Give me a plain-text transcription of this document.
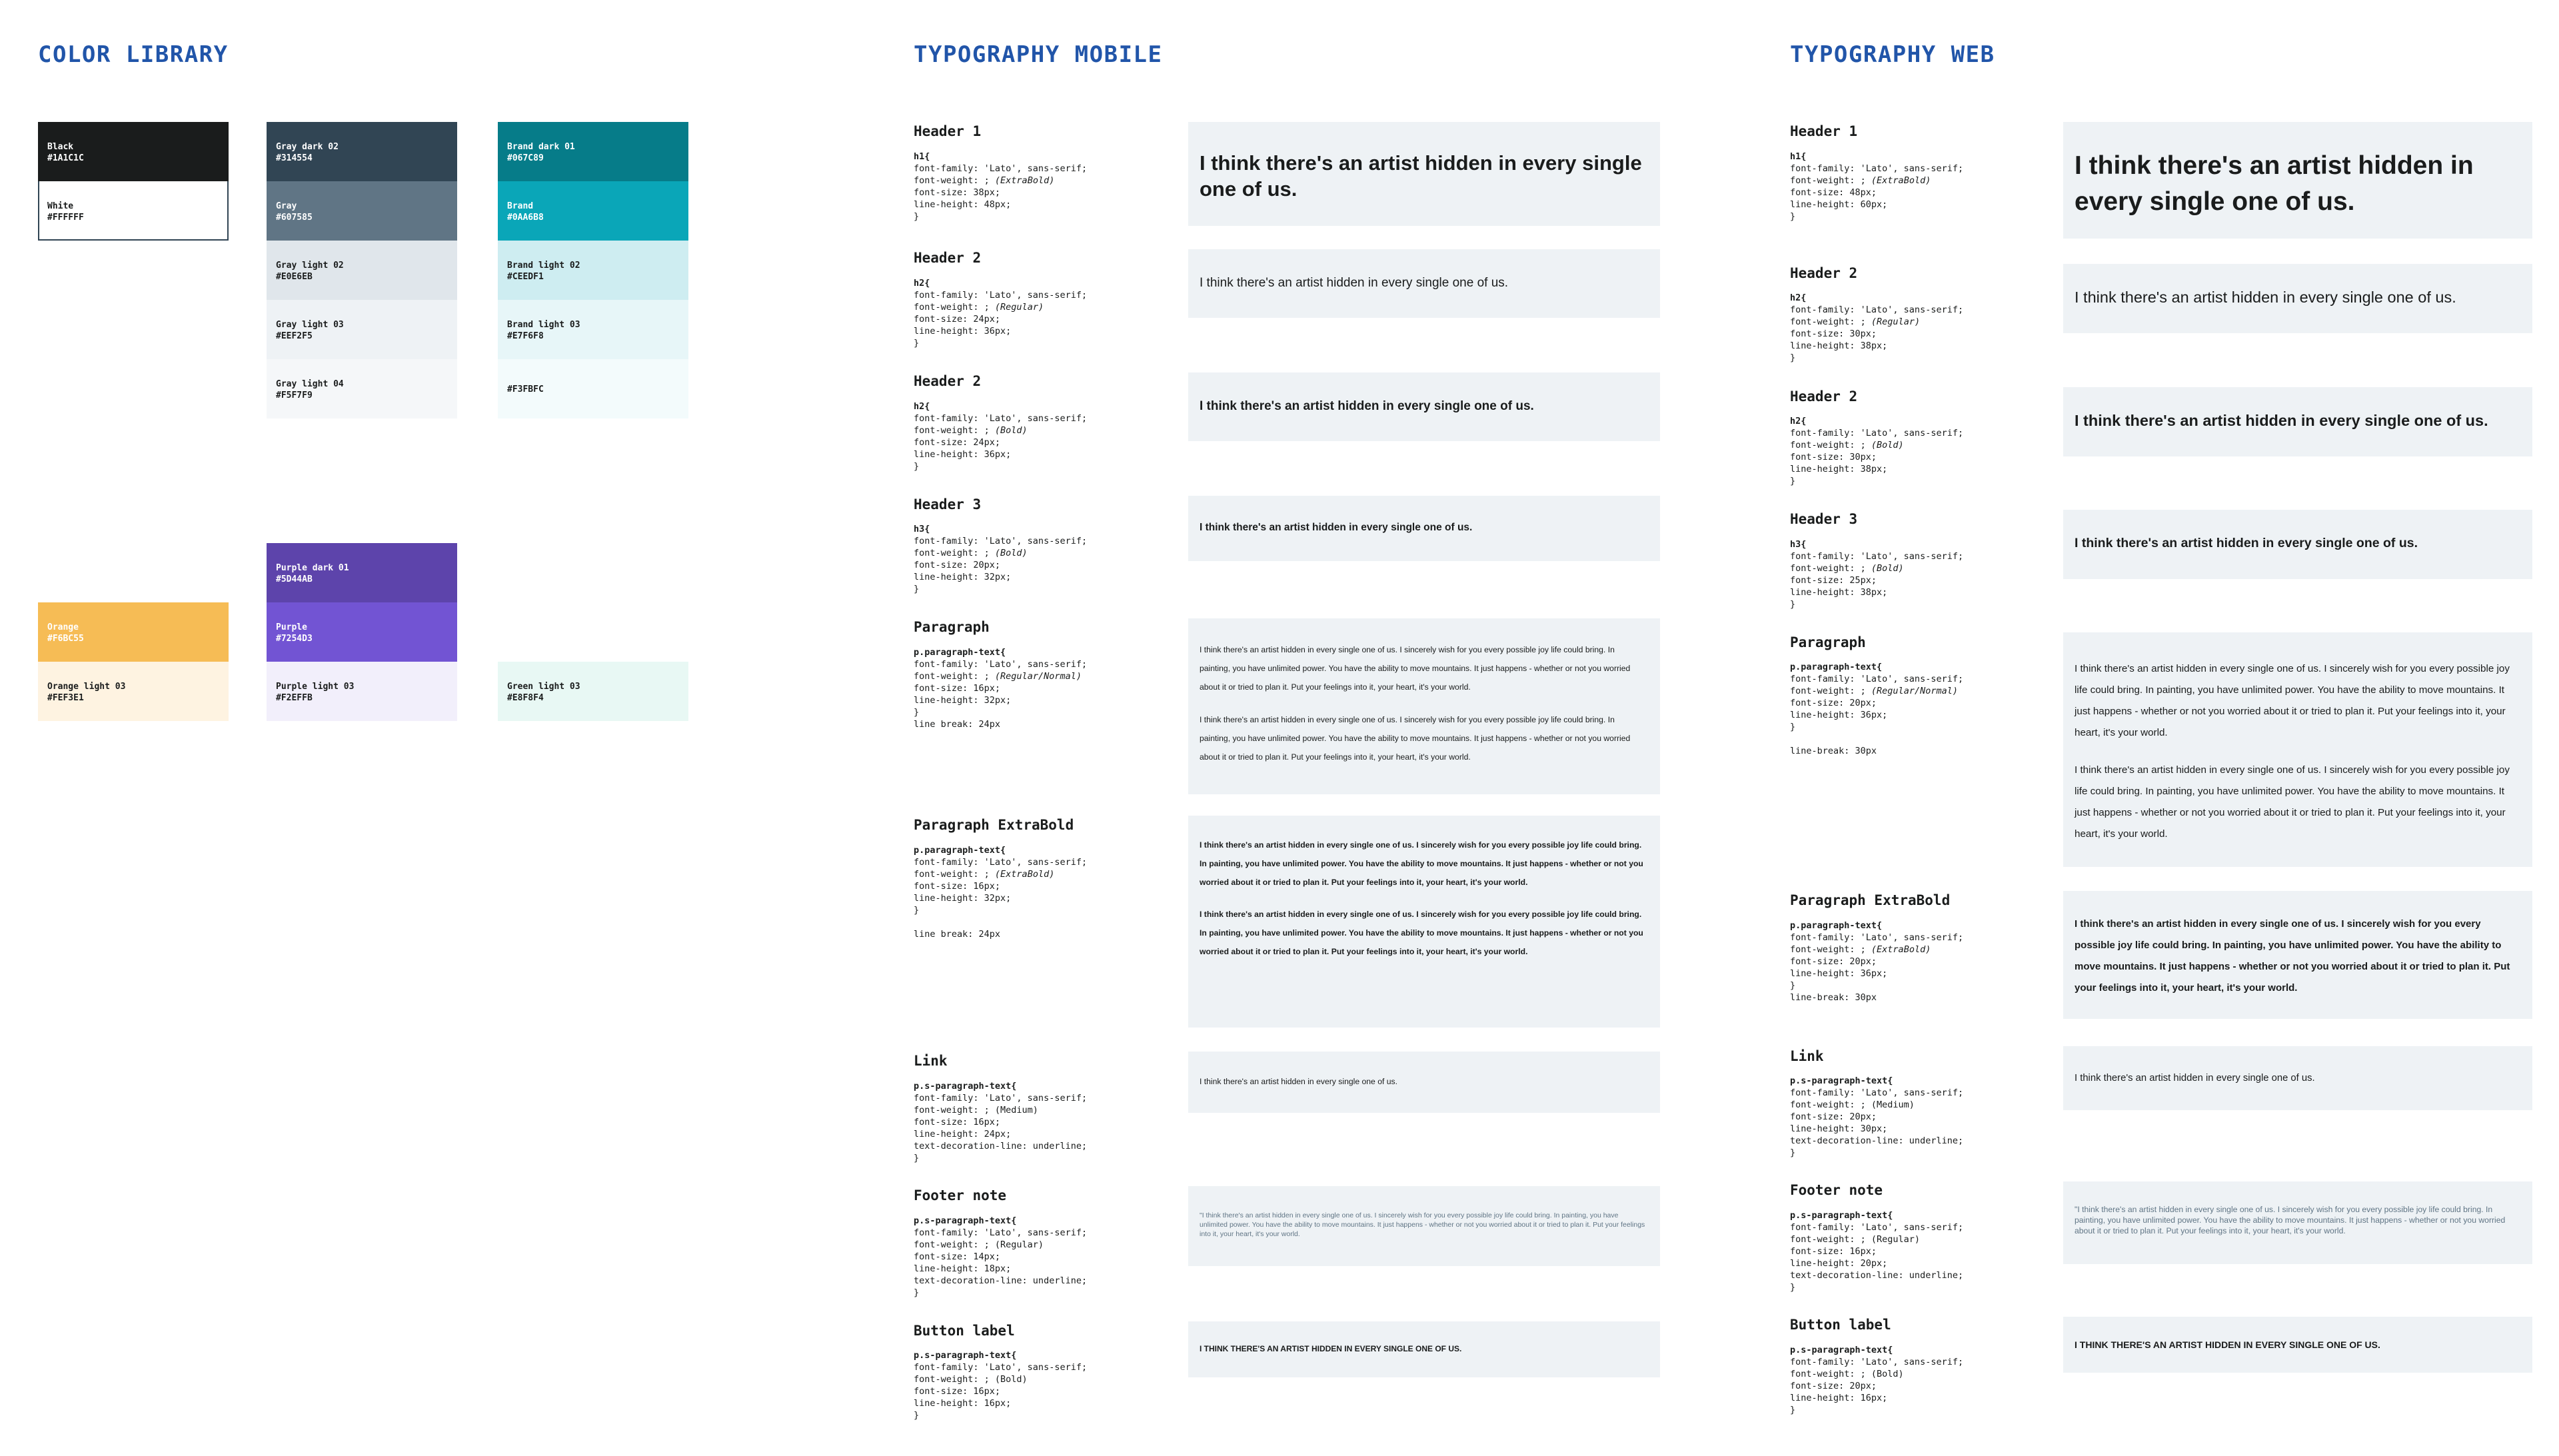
COLOR LIBRARY
Black
#1A1C1C
White
#FFFFFF
Orange
#F6BC55
Orange light 03
#FEF3E1
Gray dark 02
#314554
Gray
#607585
Gray light 02
#E0E6EB
Gray light 03
#EEF2F5
Gray light 04
#F5F7F9
Purple dark 01
#5D44AB
Purple
#7254D3
Purple light 03
#F2EFFB
Brand dark 01
#067C89
Brand
#0AA6B8
Brand light 02
#CEEDF1
Brand light 03
#E7F6F8
#F3FBFC
Green light 03
#E8F8F4
TYPOGRAPHY MOBILE
Header 1
h1{
font-family: 'Lato', sans-serif;
font-weight: ; (ExtraBold)
font-size: 38px;
line-height: 48px;
}
I think there's an artist hidden in every single one of us.
Header 2
h2{
font-family: 'Lato', sans-serif;
font-weight: ; (Regular)
font-size: 24px;
line-height: 36px;
}
I think there's an artist hidden in every single one of us.
Header 2
h2{
font-family: 'Lato', sans-serif;
font-weight: ; (Bold)
font-size: 24px;
line-height: 36px;
}
I think there's an artist hidden in every single one of us.
Header 3
h3{
font-family: 'Lato', sans-serif;
font-weight: ; (Bold)
font-size: 20px;
line-height: 32px;
}
I think there's an artist hidden in every single one of us.
Paragraph
p.paragraph-text{
font-family: 'Lato', sans-serif;
font-weight: ; (Regular/Normal)
font-size: 16px;
line-height: 32px;
}
line break: 24px
I think there's an artist hidden in every single one of us. I sincerely wish for you every possible joy life could bring. In painting, you have unlimited power. You have the ability to move mountains. It just happens - whether or not you worried about it or tried to plan it. Put your feelings into it, your heart, it's your world.
I think there's an artist hidden in every single one of us. I sincerely wish for you every possible joy life could bring. In painting, you have unlimited power. You have the ability to move mountains. It just happens - whether or not you worried about it or tried to plan it. Put your feelings into it, your heart, it's your world.
Paragraph ExtraBold
p.paragraph-text{
font-family: 'Lato', sans-serif;
font-weight: ; (ExtraBold)
font-size: 16px;
line-height: 32px;
}
line break: 24px
I think there's an artist hidden in every single one of us. I sincerely wish for you every possible joy life could bring. In painting, you have unlimited power. You have the ability to move mountains. It just happens - whether or not you worried about it or tried to plan it. Put your feelings into it, your heart, it's your world.
I think there's an artist hidden in every single one of us. I sincerely wish for you every possible joy life could bring. In painting, you have unlimited power. You have the ability to move mountains. It just happens - whether or not you worried about it or tried to plan it. Put your feelings into it, your heart, it's your world.
Link
p.s-paragraph-text{
font-family: 'Lato', sans-serif;
font-weight: ; (Medium)
font-size: 16px;
line-height: 24px;
text-decoration-line: underline;
}
I think there's an artist hidden in every single one of us.
Footer note
p.s-paragraph-text{
font-family: 'Lato', sans-serif;
font-weight: ; (Regular)
font-size: 14px;
line-height: 18px;
text-decoration-line: underline;
}
"I think there's an artist hidden in every single one of us. I sincerely wish for you every possible joy life could bring. In painting, you have unlimited power. You have the ability to move mountains. It just happens - whether or not you worried about it or tried to plan it. Put your feelings into it, your heart, it's your world.
Button label
p.s-paragraph-text{
font-family: 'Lato', sans-serif;
font-weight: ; (Bold)
font-size: 16px;
line-height: 16px;
}
I THINK THERE'S AN ARTIST HIDDEN IN EVERY SINGLE ONE OF US.
TYPOGRAPHY WEB
Header 1
h1{
font-family: 'Lato', sans-serif;
font-weight: ; (ExtraBold)
font-size: 48px;
line-height: 60px;
}
I think there's an artist hidden in every single one of us.
Header 2
h2{
font-family: 'Lato', sans-serif;
font-weight: ; (Regular)
font-size: 30px;
line-height: 38px;
}
I think there's an artist hidden in every single one of us.
Header 2
h2{
font-family: 'Lato', sans-serif;
font-weight: ; (Bold)
font-size: 30px;
line-height: 38px;
}
I think there's an artist hidden in every single one of us.
Header 3
h3{
font-family: 'Lato', sans-serif;
font-weight: ; (Bold)
font-size: 25px;
line-height: 38px;
}
I think there's an artist hidden in every single one of us.
Paragraph
p.paragraph-text{
font-family: 'Lato', sans-serif;
font-weight: ; (Regular/Normal)
font-size: 20px;
line-height: 36px;
}
line-break: 30px
I think there's an artist hidden in every single one of us. I sincerely wish for you every possible joy life could bring. In painting, you have unlimited power. You have the ability to move mountains. It just happens - whether or not you worried about it or tried to plan it. Put your feelings into it, your heart, it's your world.
I think there's an artist hidden in every single one of us. I sincerely wish for you every possible joy life could bring. In painting, you have unlimited power. You have the ability to move mountains. It just happens - whether or not you worried about it or tried to plan it. Put your feelings into it, your heart, it's your world.
Paragraph ExtraBold
p.paragraph-text{
font-family: 'Lato', sans-serif;
font-weight: ; (ExtraBold)
font-size: 20px;
line-height: 36px;
}
line-break: 30px
I think there's an artist hidden in every single one of us. I sincerely wish for you every possible joy life could bring. In painting, you have unlimited power. You have the ability to move mountains. It just happens - whether or not you worried about it or tried to plan it. Put your feelings into it, your heart, it's your world.
Link
p.s-paragraph-text{
font-family: 'Lato', sans-serif;
font-weight: ; (Medium)
font-size: 20px;
line-height: 30px;
text-decoration-line: underline;
}
I think there's an artist hidden in every single one of us.
Footer note
p.s-paragraph-text{
font-family: 'Lato', sans-serif;
font-weight: ; (Regular)
font-size: 16px;
line-height: 20px;
text-decoration-line: underline;
}
"I think there's an artist hidden in every single one of us. I sincerely wish for you every possible joy life could bring. In painting, you have unlimited power. You have the ability to move mountains. It just happens - whether or not you worried about it or tried to plan it. Put your feelings into it, your heart, it's your world.
Button label
p.s-paragraph-text{
font-family: 'Lato', sans-serif;
font-weight: ; (Bold)
font-size: 20px;
line-height: 16px;
}
I THINK THERE'S AN ARTIST HIDDEN IN EVERY SINGLE ONE OF US.
